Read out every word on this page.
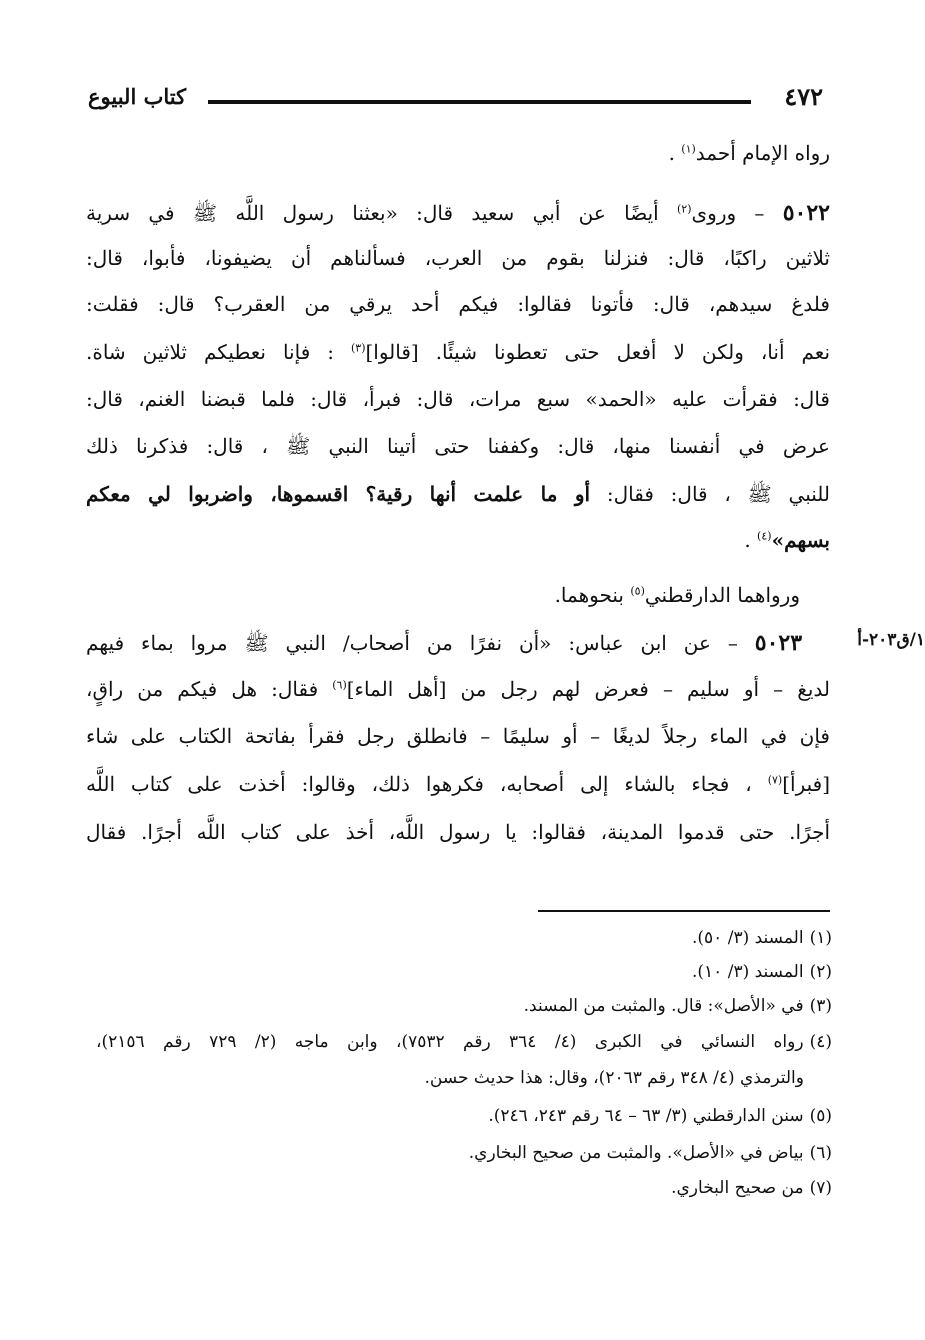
٤٧٢
كتاب البيوع
١/ق٢٠٣-أ
رواه الإمام أحمد$^{(١)}$ .
٥٠٢٢ – وروى$^{(٢)}$ أيضًا عن أبي سعيد قال: «بعثنا رسول اللَّه ﷺ في سرية
ثلاثين راكبًا، قال: فنزلنا بقوم من العرب، فسألناهم أن يضيفونا، فأبوا، قال:
فلدغ سيدهم، قال: فأتونا فقالوا: فيكم أحد يرقي من العقرب؟ قال: فقلت:
نعم أنا، ولكن لا أفعل حتى تعطونا شيئًا. [قالوا]$^{(٣)}$ : فإنا نعطيكم ثلاثين شاة.
قال: فقرأت عليه «الحمد» سبع مرات، قال: فبرأ، قال: فلما قبضنا الغنم، قال:
عرض في أنفسنا منها، قال: وكففنا حتى أتينا النبي ﷺ ، قال: فذكرنا ذلك
للنبي ﷺ ، قال: فقال: أو ما علمت أنها رقية؟ اقسموها، واضربوا لي معكم
بسهم»$^{(٤)}$ .
ورواهما الدارقطني$^{(٥)}$ بنحوهما.
٥٠٢٣ – عن ابن عباس: «أن نفرًا من أصحاب/ النبي ﷺ مروا بماء فيهم
لديغ – أو سليم – فعرض لهم رجل من [أهل الماء]$^{(٦)}$ فقال: هل فيكم من راقٍ،
فإن في الماء رجلاً لديغًا – أو سليمًا – فانطلق رجل فقرأ بفاتحة الكتاب على شاء
[فبرأ]$^{(٧)}$ ، فجاء بالشاء إلى أصحابه، فكرهوا ذلك، وقالوا: أخذت على كتاب اللَّه
أجرًا. حتى قدموا المدينة، فقالوا: يا رسول اللَّه، أخذ على كتاب اللَّه أجرًا. فقال
(١)المسند (٣/ ٥٠).
(٢)المسند (٣/ ١٠).
(٣)في «الأصل»: قال. والمثبت من المسند.
(٤)رواه النسائي في الكبرى (٤/ ٣٦٤ رقم ٧٥٣٢)، وابن ماجه (٢/ ٧٢٩ رقم ٢١٥٦)،
والترمذي (٤/ ٣٤٨ رقم ٢٠٦٣)، وقال: هذا حديث حسن.
(٥)سنن الدارقطني (٣/ ٦٣ – ٦٤ رقم ٢٤٣، ٢٤٦).
(٦)بياض في «الأصل». والمثبت من صحيح البخاري.
(٧)من صحيح البخاري.
